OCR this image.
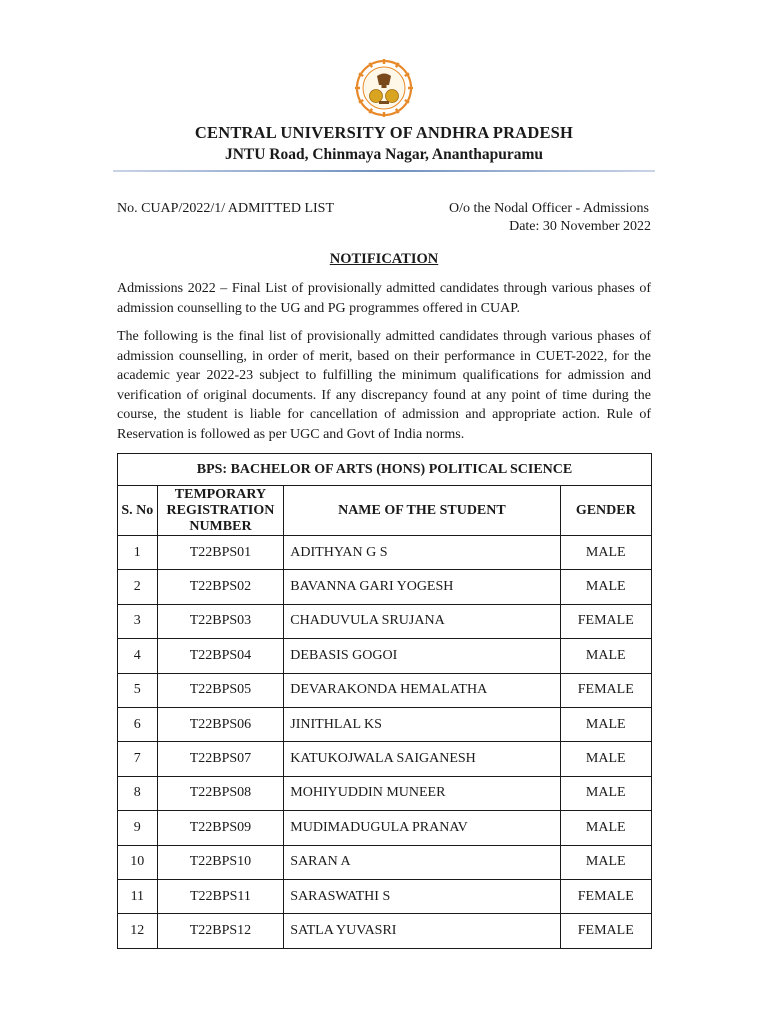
CENTRAL UNIVERSITY OF ANDHRA PRADESH
JNTU Road, Chinmaya Nagar, Ananthapuramu
No. CUAP/2022/1/ ADMITTED LIST	O/o the Nodal Officer - Admissions
Date: 30 November 2022
NOTIFICATION

Admissions 2022 – Final List of provisionally admitted candidates through various phases of admission counselling to the UG and PG programmes offered in CUAP.

The following is the final list of provisionally admitted candidates through various phases of admission counselling, in order of merit, based on their performance in CUET-2022, for the academic year 2022-23 subject to fulfilling the minimum qualifications for admission and verification of original documents. If any discrepancy found at any point of time during the course, the student is liable for cancellation of admission and appropriate action. Rule of Reservation is followed as per UGC and Govt of India norms.

BPS: BACHELOR OF ARTS (HONS) POLITICAL SCIENCE			
S. No	TEMPORARY REGISTRATION NUMBER	NAME OF THE STUDENT	GENDER
1	T22BPS01	ADITHYAN G S	MALE
2	T22BPS02	BAVANNA GARI YOGESH	MALE
3	T22BPS03	CHADUVULA SRUJANA	FEMALE
4	T22BPS04	DEBASIS GOGOI	MALE
5	T22BPS05	DEVARAKONDA HEMALATHA	FEMALE
6	T22BPS06	JINITHLAL KS	MALE
7	T22BPS07	KATUKOJWALA SAIGANESH	MALE
8	T22BPS08	MOHIYUDDIN MUNEER	MALE
9	T22BPS09	MUDIMADUGULA PRANAV	MALE
10	T22BPS10	SARAN A	MALE
11	T22BPS11	SARASWATHI S	FEMALE
12	T22BPS12	SATLA YUVASRI	FEMALE
